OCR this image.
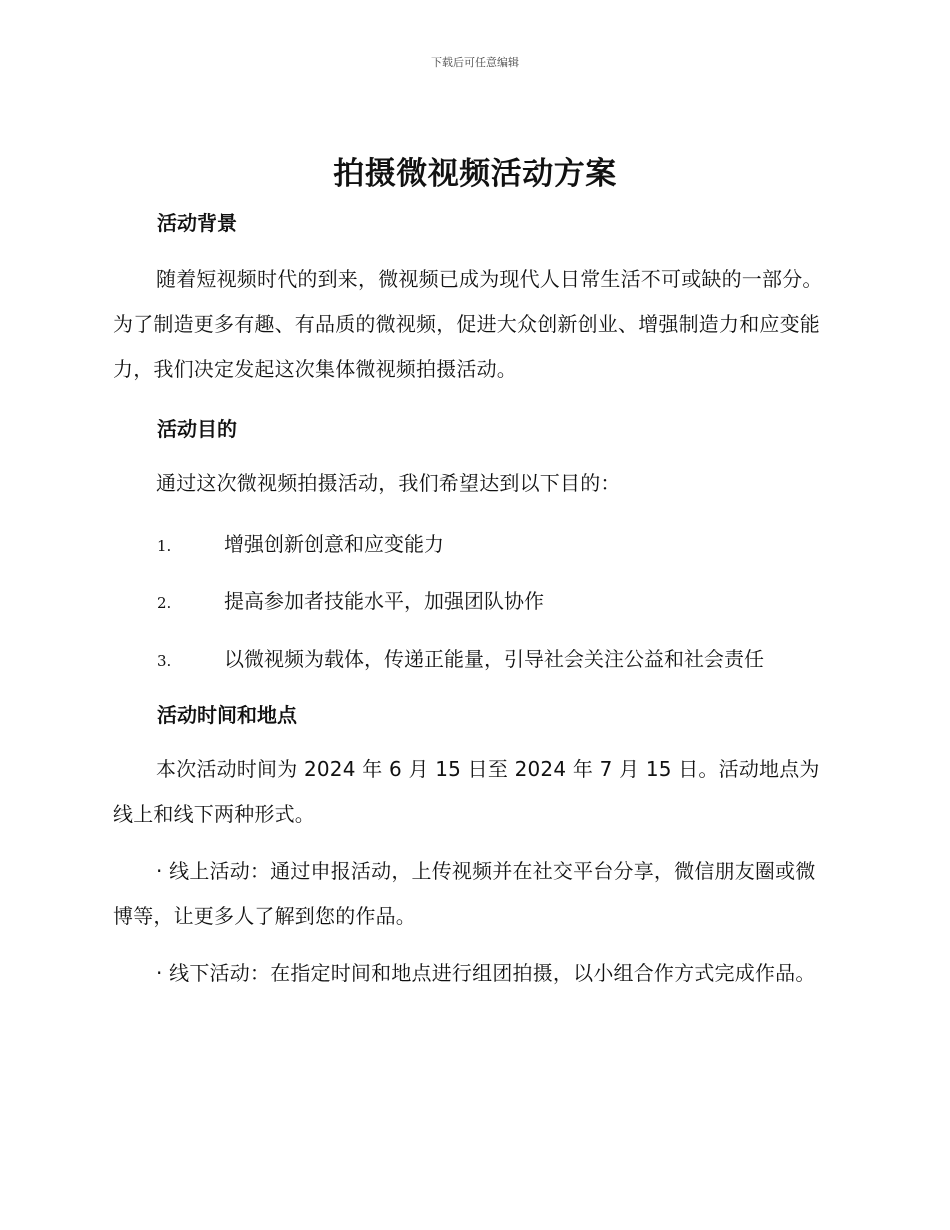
下载后可任意编辑
拍摄微视频活动方案
活动背景
随着短视频时代的到来，微视频已成为现代人日常生活不可或缺的一部分。为了制造更多有趣、有品质的微视频，促进大众创新创业、增强制造力和应变能力，我们决定发起这次集体微视频拍摄活动。
活动目的
通过这次微视频拍摄活动，我们希望达到以下目的：
1.	增强创新创意和应变能力
2.	提高参加者技能水平，加强团队协作
3.	以微视频为载体，传递正能量，引导社会关注公益和社会责任
活动时间和地点
本次活动时间为 2024 年 6 月 15 日至 2024 年 7 月 15 日。活动地点为线上和线下两种形式。
· 线上活动：通过申报活动，上传视频并在社交平台分享，微信朋友圈或微博等，让更多人了解到您的作品。
· 线下活动：在指定时间和地点进行组团拍摄，以小组合作方式完成作品。
